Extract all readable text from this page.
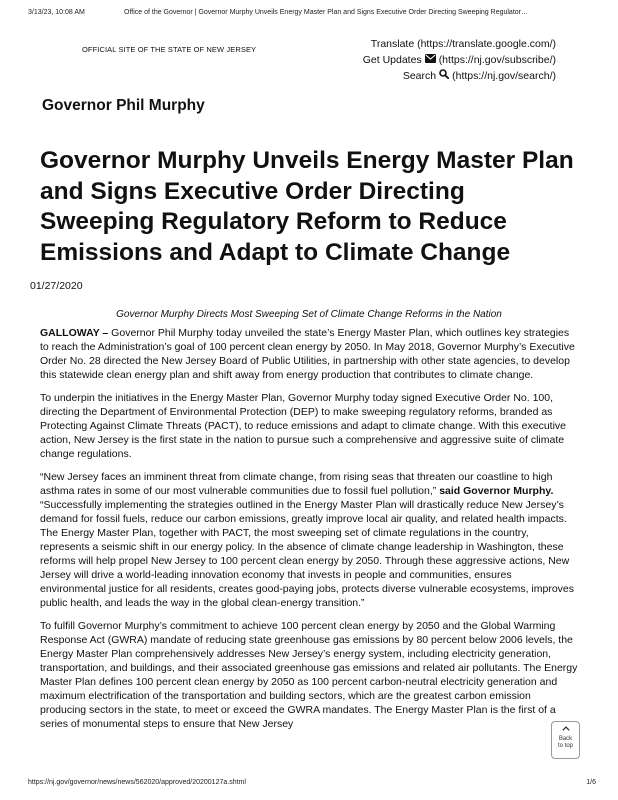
3/13/23, 10:08 AM	Office of the Governor | Governor Murphy Unveils Energy Master Plan and Signs Executive Order Directing Sweeping Regulator…
OFFICIAL SITE OF THE STATE OF NEW JERSEY	Translate (https://translate.google.com/)
Get Updates (https://nj.gov/subscribe/)
Search (https://nj.gov/search/)
Governor Phil Murphy
Governor Murphy Unveils Energy Master Plan and Signs Executive Order Directing Sweeping Regulatory Reform to Reduce Emissions and Adapt to Climate Change
01/27/2020
Governor Murphy Directs Most Sweeping Set of Climate Change Reforms in the Nation

GALLOWAY – Governor Phil Murphy today unveiled the state’s Energy Master Plan, which outlines key strategies to reach the Administration’s goal of 100 percent clean energy by 2050. In May 2018, Governor Murphy’s Executive Order No. 28 directed the New Jersey Board of Public Utilities, in partnership with other state agencies, to develop this statewide clean energy plan and shift away from energy production that contributes to climate change.

To underpin the initiatives in the Energy Master Plan, Governor Murphy today signed Executive Order No. 100, directing the Department of Environmental Protection (DEP) to make sweeping regulatory reforms, branded as Protecting Against Climate Threats (PACT), to reduce emissions and adapt to climate change. With this executive action, New Jersey is the first state in the nation to pursue such a comprehensive and aggressive suite of climate change regulations.

“New Jersey faces an imminent threat from climate change, from rising seas that threaten our coastline to high asthma rates in some of our most vulnerable communities due to fossil fuel pollution,” said Governor Murphy. “Successfully implementing the strategies outlined in the Energy Master Plan will drastically reduce New Jersey’s demand for fossil fuels, reduce our carbon emissions, greatly improve local air quality, and related health impacts. The Energy Master Plan, together with PACT, the most sweeping set of climate regulations in the country, represents a seismic shift in our energy policy. In the absence of climate change leadership in Washington, these reforms will help propel New Jersey to 100 percent clean energy by 2050. Through these aggressive actions, New Jersey will drive a world-leading innovation economy that invests in people and communities, ensures environmental justice for all residents, creates good-paying jobs, protects diverse vulnerable ecosystems, improves public health, and leads the way in the global clean-energy transition.”

To fulfill Governor Murphy’s commitment to achieve 100 percent clean energy by 2050 and the Global Warming Response Act (GWRA) mandate of reducing state greenhouse gas emissions by 80 percent below 2006 levels, the Energy Master Plan comprehensively addresses New Jersey’s energy system, including electricity generation, transportation, and buildings, and their associated greenhouse gas emissions and related air pollutants. The Energy Master Plan defines 100 percent clean energy by 2050 as 100 percent carbon-neutral electricity generation and maximum electrification of the transportation and building sectors, which are the greatest carbon emission producing sectors in the state, to meet or exceed the GWRA mandates. The Energy Master Plan is the first of a series of monumental steps to ensure that New Jersey

Back
to top
https://nj.gov/governor/news/news/562020/approved/20200127a.shtml	1/6
